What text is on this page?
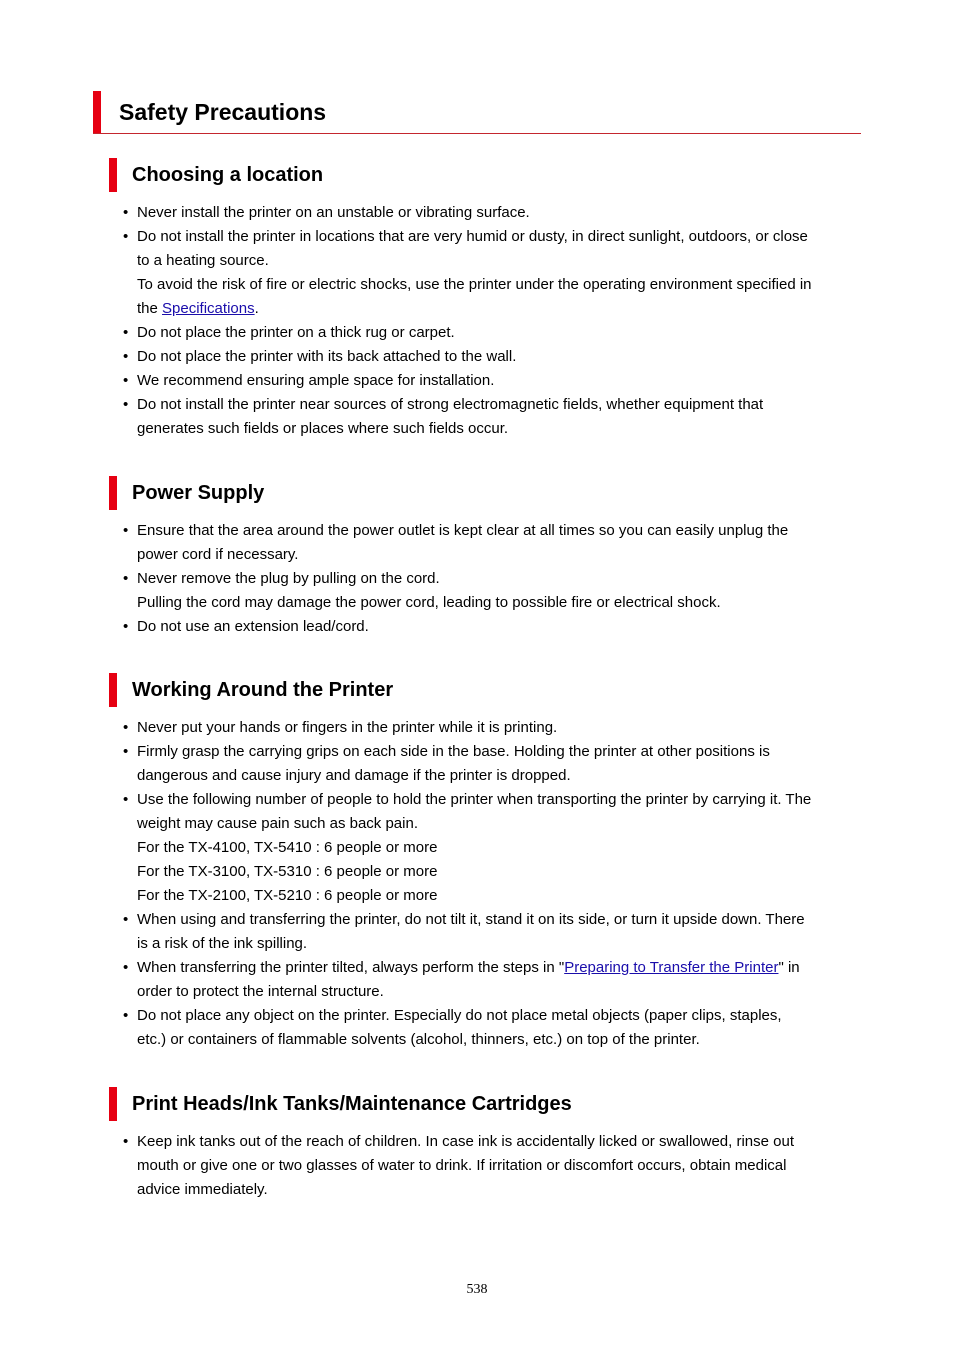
Safety Precautions
Choosing a location
• Never install the printer on an unstable or vibrating surface.
• Do not install the printer in locations that are very humid or dusty, in direct sunlight, outdoors, or close
to a heating source.
To avoid the risk of fire or electric shocks, use the printer under the operating environment specified in
the Specifications.
• Do not place the printer on a thick rug or carpet.
• Do not place the printer with its back attached to the wall.
• We recommend ensuring ample space for installation.
• Do not install the printer near sources of strong electromagnetic fields, whether equipment that
generates such fields or places where such fields occur.
Power Supply
• Ensure that the area around the power outlet is kept clear at all times so you can easily unplug the
power cord if necessary.
• Never remove the plug by pulling on the cord.
Pulling the cord may damage the power cord, leading to possible fire or electrical shock.
• Do not use an extension lead/cord.
Working Around the Printer
• Never put your hands or fingers in the printer while it is printing.
• Firmly grasp the carrying grips on each side in the base. Holding the printer at other positions is
dangerous and cause injury and damage if the printer is dropped.
• Use the following number of people to hold the printer when transporting the printer by carrying it. The
weight may cause pain such as back pain.
For the TX-4100, TX-5410 : 6 people or more
For the TX-3100, TX-5310 : 6 people or more
For the TX-2100, TX-5210 : 6 people or more
• When using and transferring the printer, do not tilt it, stand it on its side, or turn it upside down. There
is a risk of the ink spilling.
• When transferring the printer tilted, always perform the steps in "Preparing to Transfer the Printer" in
order to protect the internal structure.
• Do not place any object on the printer. Especially do not place metal objects (paper clips, staples,
etc.) or containers of flammable solvents (alcohol, thinners, etc.) on top of the printer.
Print Heads/Ink Tanks/Maintenance Cartridges
• Keep ink tanks out of the reach of children. In case ink is accidentally licked or swallowed, rinse out
mouth or give one or two glasses of water to drink. If irritation or discomfort occurs, obtain medical
advice immediately.
538
